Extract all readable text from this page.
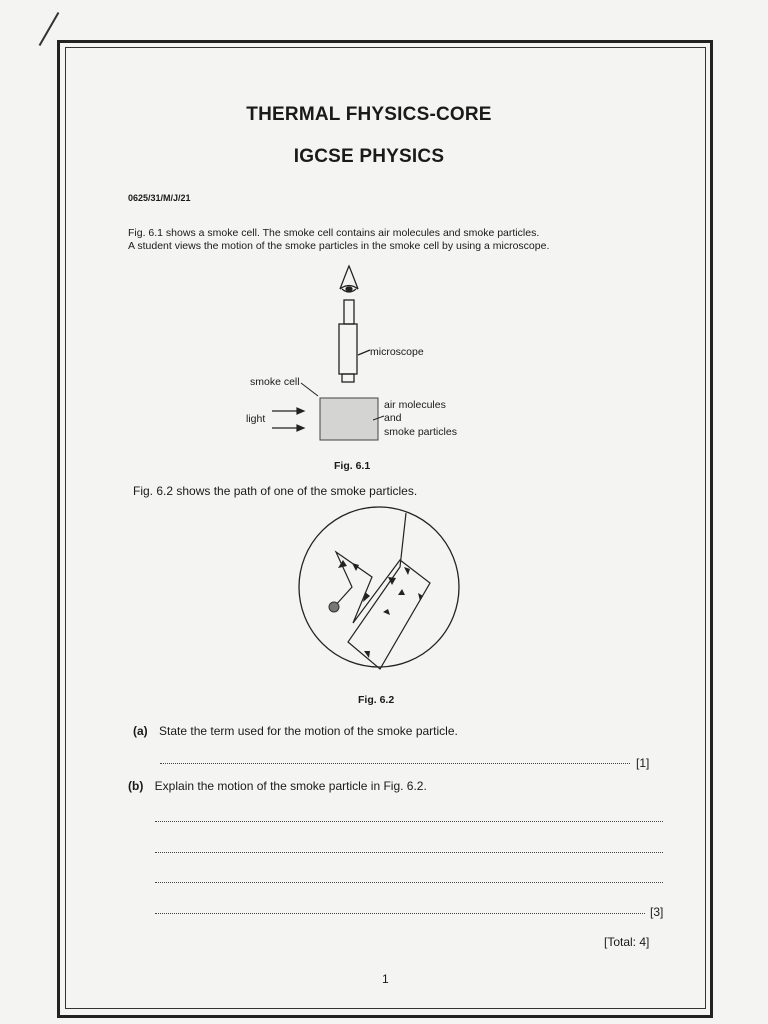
THERMAL FHYSICS-CORE
IGCSE PHYSICS
0625/31/M/J/21
Fig. 6.1 shows a smoke cell. The smoke cell contains air molecules and smoke particles.
A student views the motion of the smoke particles in the smoke cell by using a microscope.
microscope
smoke cell
light
air molecules
and
smoke particles
Fig. 6.1
Fig. 6.2 shows the path of one of the smoke particles.
Fig. 6.2
(a) State the term used for the motion of the smoke particle.
[1]
(b) Explain the motion of the smoke particle in Fig. 6.2.
[3]
[Total: 4]
1
